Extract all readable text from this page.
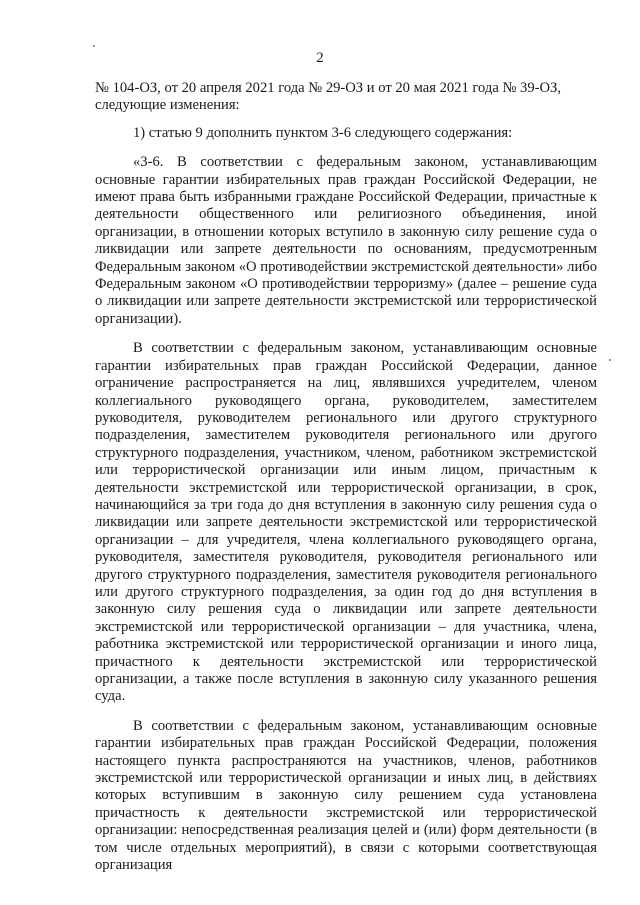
2

№ 104-ОЗ, от 20 апреля 2021 года № 29-ОЗ и от 20 мая 2021 года № 39-ОЗ,
следующие изменения:

1) статью 9 дополнить пунктом 3-6 следующего содержания:

«3-6. В соответствии с федеральным законом, устанавливающим основные гарантии избирательных прав граждан Российской Федерации, не имеют права быть избранными граждане Российской Федерации, причастные к деятельности общественного или религиозного объединения, иной организации, в отношении которых вступило в законную силу решение суда о ликвидации или запрете деятельности по основаниям, предусмотренным Федеральным законом «О противодействии экстремистской деятельности» либо Федеральным законом «О противодействии терроризму» (далее – решение суда о ликвидации или запрете деятельности экстремистской или террористической организации).

В соответствии с федеральным законом, устанавливающим основные гарантии избирательных прав граждан Российской Федерации, данное ограничение распространяется на лиц, являвшихся учредителем, членом коллегиального руководящего органа, руководителем, заместителем руководителя, руководителем регионального или другого структурного подразделения, заместителем руководителя регионального или другого структурного подразделения, участником, членом, работником экстремистской или террористической организации или иным лицом, причастным к деятельности экстремистской или террористической организации, в срок, начинающийся за три года до дня вступления в законную силу решения суда о ликвидации или запрете деятельности экстремистской или террористической организации – для учредителя, члена коллегиального руководящего органа, руководителя, заместителя руководителя, руководителя регионального или другого структурного подразделения, заместителя руководителя регионального или другого структурного подразделения, за один год до дня вступления в законную силу решения суда о ликвидации или запрете деятельности экстремистской или террористической организации – для участника, члена, работника экстремистской или террористической организации и иного лица, причастного к деятельности экстремистской или террористической организации, а также после вступления в законную силу указанного решения суда.

В соответствии с федеральным законом, устанавливающим основные гарантии избирательных прав граждан Российской Федерации, положения настоящего пункта распространяются на участников, членов, работников экстремистской или террористической организации и иных лиц, в действиях которых вступившим в законную силу решением суда установлена причастность к деятельности экстремистской или террористической организации: непосредственная реализация целей и (или) форм деятельности (в том числе отдельных мероприятий), в связи с которыми соответствующая организация
